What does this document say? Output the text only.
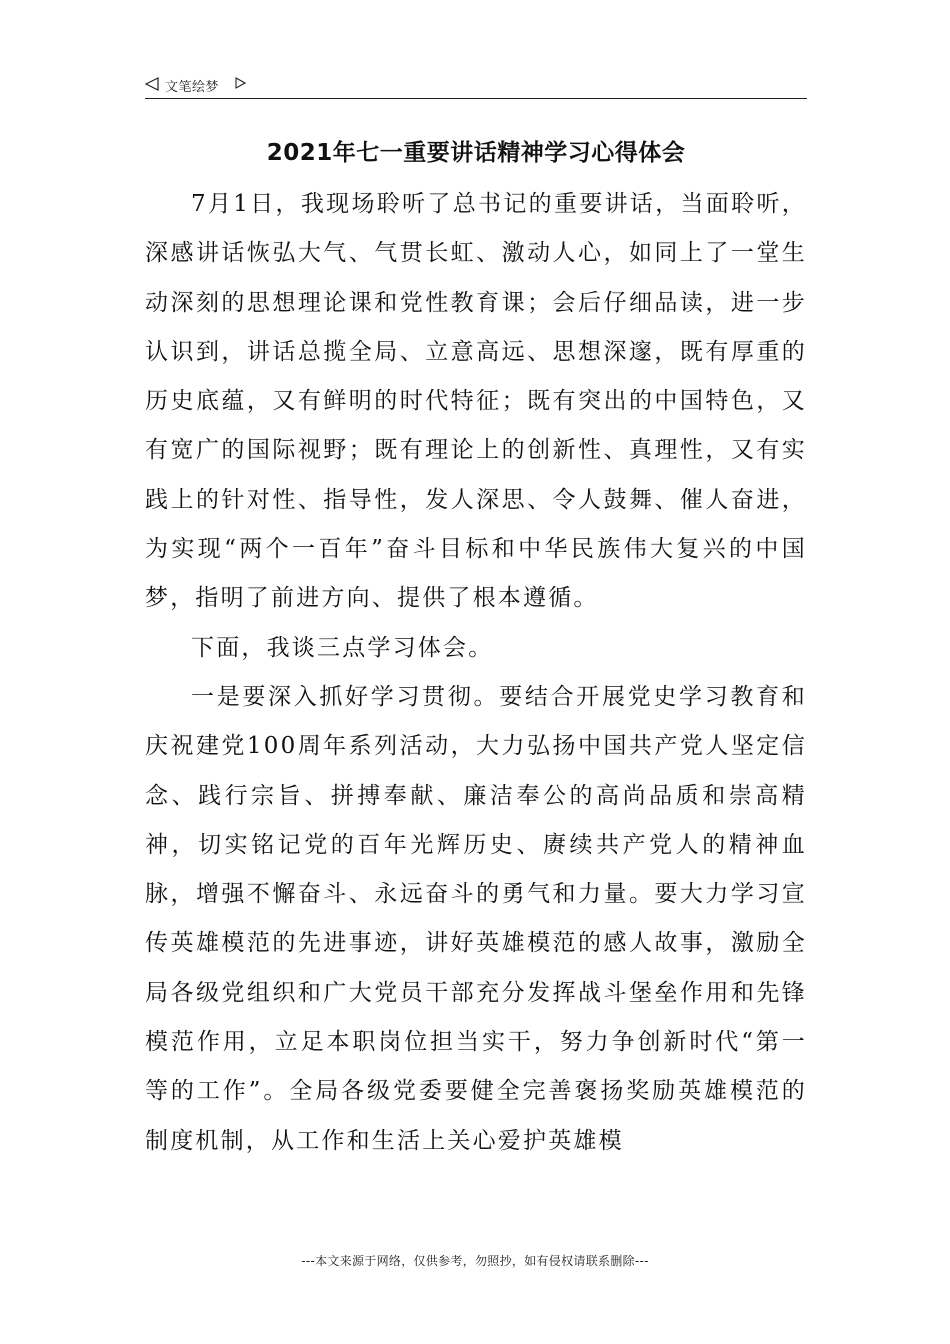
文笔绘梦
2021年七一重要讲话精神学习心得体会

7月1日，我现场聆听了总书记的重要讲话，当面聆听，深感讲话恢弘大气、气贯长虹、激动人心，如同上了一堂生动深刻的思想理论课和党性教育课；会后仔细品读，进一步认识到，讲话总揽全局、立意高远、思想深邃，既有厚重的历史底蕴，又有鲜明的时代特征；既有突出的中国特色，又有宽广的国际视野；既有理论上的创新性、真理性，又有实践上的针对性、指导性，发人深思、令人鼓舞、催人奋进，为实现“两个一百年”奋斗目标和中华民族伟大复兴的中国梦，指明了前进方向、提供了根本遵循。

下面，我谈三点学习体会。

一是要深入抓好学习贯彻。要结合开展党史学习教育和庆祝建党100周年系列活动，大力弘扬中国共产党人坚定信念、践行宗旨、拼搏奉献、廉洁奉公的高尚品质和崇高精神，切实铭记党的百年光辉历史、赓续共产党人的精神血脉，增强不懈奋斗、永远奋斗的勇气和力量。要大力学习宣传英雄模范的先进事迹，讲好英雄模范的感人故事，激励全局各级党组织和广大党员干部充分发挥战斗堡垒作用和先锋模范作用，立足本职岗位担当实干，努力争创新时代“第一等的工作”。全局各级党委要健全完善褒扬奖励英雄模范的制度机制，从工作和生活上关心爱护英雄模

---本文来源于网络，仅供参考，勿照抄，如有侵权请联系删除---
